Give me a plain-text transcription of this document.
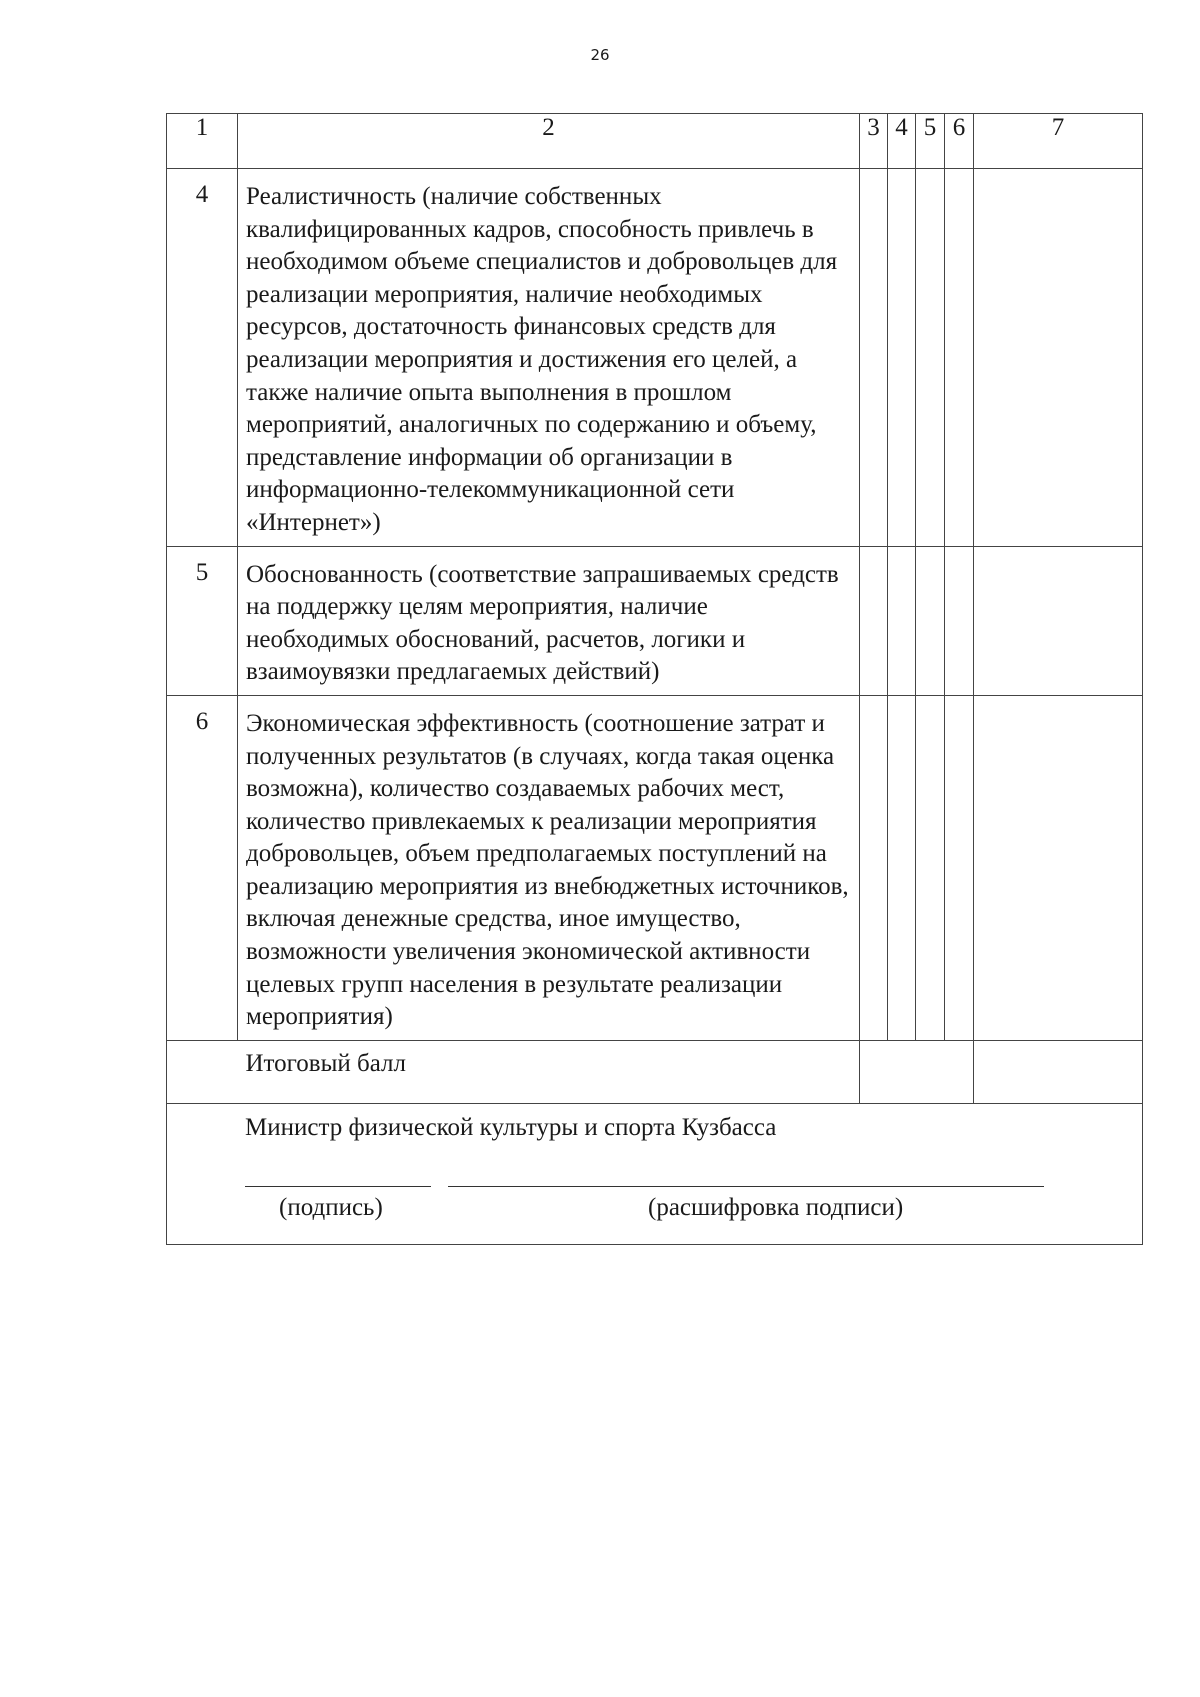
26
1	2	3	4	5	6	7
4	Реалистичность (наличие собственных квалифицированных кадров, способность привлечь в необходимом объеме специалистов и добровольцев для реализации мероприятия, наличие необходимых ресурсов, достаточность финансовых средств для реализации мероприятия и достижения его целей, а также наличие опыта выполнения в прошлом мероприятий, аналогичных по содержанию и объему, представление информации об организации в информационно-телекоммуникационной сети «Интернет»)					
5	Обоснованность (соответствие запрашиваемых средств на поддержку целям мероприятия, наличие необходимых обоснований, расчетов, логики и взаимоувязки предлагаемых действий)					
6	Экономическая эффективность (соотношение затрат и полученных результатов (в случаях, когда такая оценка возможна), количество создаваемых рабочих мест, количество привлекаемых к реализации мероприятия добровольцев, объем предполагаемых поступлений на реализацию мероприятия из внебюджетных источников, включая денежные средства, иное имущество, возможности увеличения экономической активности целевых групп населения в результате реализации мероприятия)					
	Итоговый балл					

Министр физической культуры и спорта Кузбасса
(подпись) (расшифровка подписи)						
